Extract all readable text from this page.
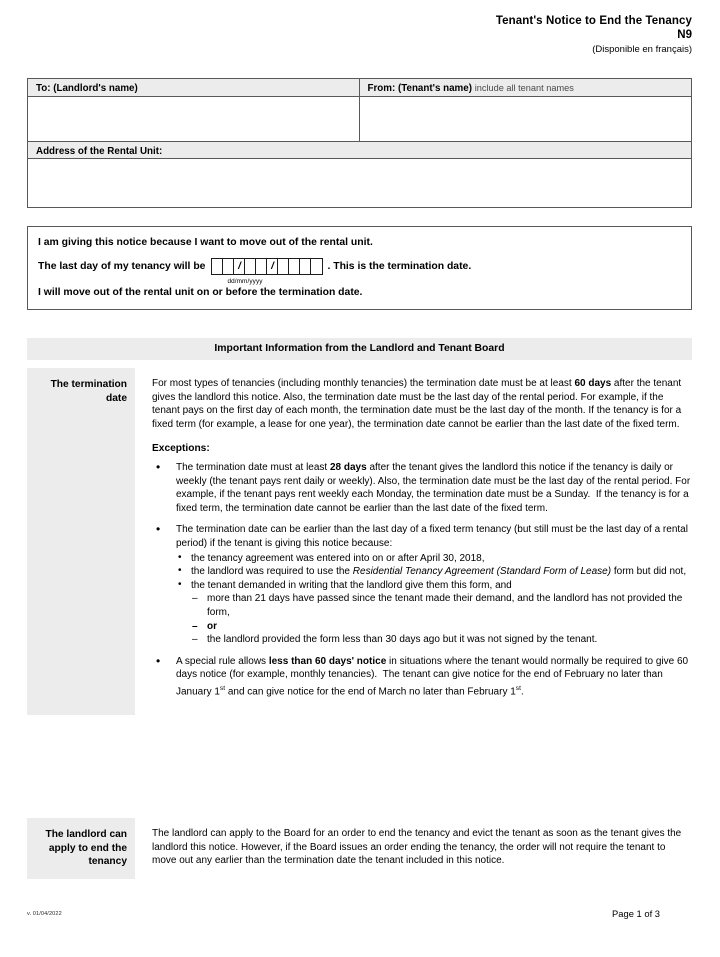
Tenant's Notice to End the Tenancy
N9
(Disponible en français)
To: (Landlord's name)	From: (Tenant's name) include all tenant names
Address of the Rental Unit:
I am giving this notice because I want to move out of the rental unit.
The last day of my tenancy will be	/	/
dd/mm/yyyy
. This is the termination date.
I will move out of the rental unit on or before the termination date.
Important Information from the Landlord and Tenant Board
The termination date

For most types of tenancies (including monthly tenancies) the termination date must be at least 60 days after the tenant gives the landlord this notice. Also, the termination date must be the last day of the rental period. For example, if the tenant pays on the first day of each month, the termination date must be the last day of the month. If the tenancy is for a fixed term (for example, a lease for one year), the termination date cannot be earlier than the last date of the fixed term.

Exceptions:
• The termination date must at least 28 days after the tenant gives the landlord this notice if the tenancy is daily or weekly (the tenant pays rent daily or weekly). Also, the termination date must be the last day of the rental period. For example, if the tenant pays rent weekly each Monday, the termination date must be a Sunday.  If the tenancy is for a fixed term, the termination date cannot be earlier than the last date of the fixed term.
• The termination date can be earlier than the last day of a fixed term tenancy (but still must be the last day of a rental period) if the tenant is giving this notice because:
• the tenancy agreement was entered into on or after April 30, 2018,
• the landlord was required to use the Residential Tenancy Agreement (Standard Form of Lease) form but did not,
• the tenant demanded in writing that the landlord give them this form, and
– more than 21 days have passed since the tenant made their demand, and the landlord has not provided the form,
– or
– the landlord provided the form less than 30 days ago but it was not signed by the tenant.
• A special rule allows less than 60 days' notice in situations where the tenant would normally be required to give 60 days notice (for example, monthly tenancies).  The tenant can give notice for the end of February no later than January 1st and can give notice for the end of March no later than February 1st.
The landlord can apply to end the tenancy

The landlord can apply to the Board for an order to end the tenancy and evict the tenant as soon as the tenant gives the landlord this notice. However, if the Board issues an order ending the tenancy, the order will not require the tenant to move out any earlier than the termination date the tenant included in this notice.

v. 01/04/2022	Page 1 of 3
